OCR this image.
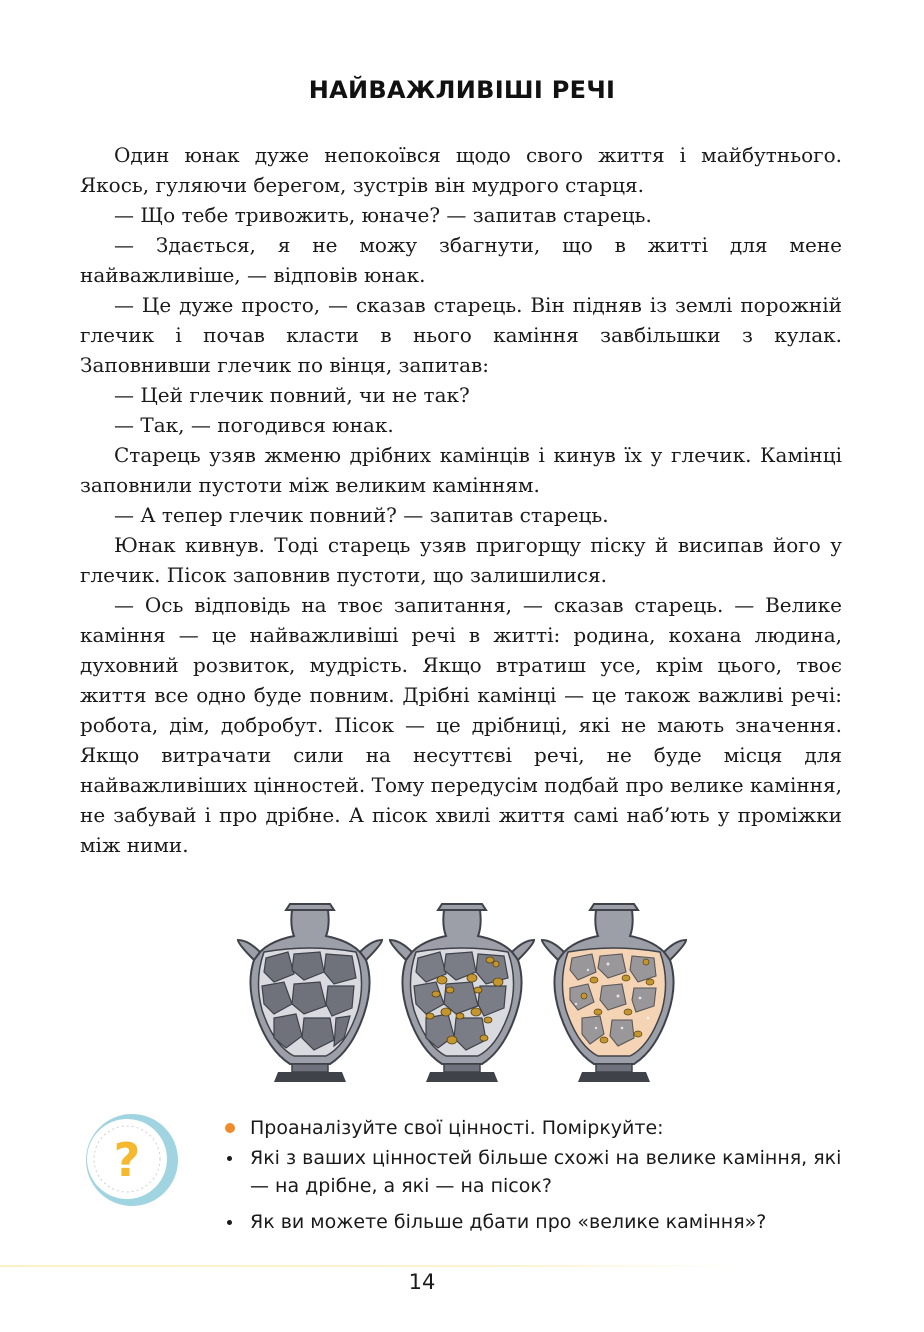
НАЙВАЖЛИВІШІ РЕЧІ

Один юнак дуже непокоївся щодо свого життя і майбутнього. Якось, гуляючи берегом, зустрів він мудрого старця.

— Що тебе тривожить, юначе? — запитав старець.

— Здається, я не можу збагнути, що в житті для мене найважливіше, — відповів юнак.

— Це дуже просто, — сказав старець. Він підняв із землі порожній глечик і почав класти в нього каміння завбільшки з кулак. Заповнивши глечик по вінця, запитав:

— Цей глечик повний, чи не так?

— Так, — погодився юнак.

Старець узяв жменю дрібних камінців і кинув їх у глечик. Камінці заповнили пустоти між великим камінням.

— А тепер глечик повний? — запитав старець.

Юнак кивнув. Тоді старець узяв пригорщу піску й висипав його у глечик. Пісок заповнив пустоти, що залишилися.

— Ось відповідь на твоє запитання, — сказав старець. — Велике каміння — це найважливіші речі в житті: родина, кохана людина, духовний розвиток, мудрість. Якщо втратиш усе, крім цього, твоє життя все одно буде повним. Дрібні камінці — це також важливі речі: робота, дім, добробут. Пісок — це дрібниці, які не мають значення. Якщо витрачати сили на несуттєві речі, не буде місця для найважливіших цінностей. Тому передусім подбай про велике каміння, не забувай і про дрібне. А пісок хвилі життя самі наб’ють у проміжки між ними.

?
Проаналізуйте свої цінності. Поміркуйте:
Які з ваших цінностей більше схожі на велике каміння, які — на дрібне, а які — на пісок?
Як ви можете більше дбати про «велике каміння»?
14
